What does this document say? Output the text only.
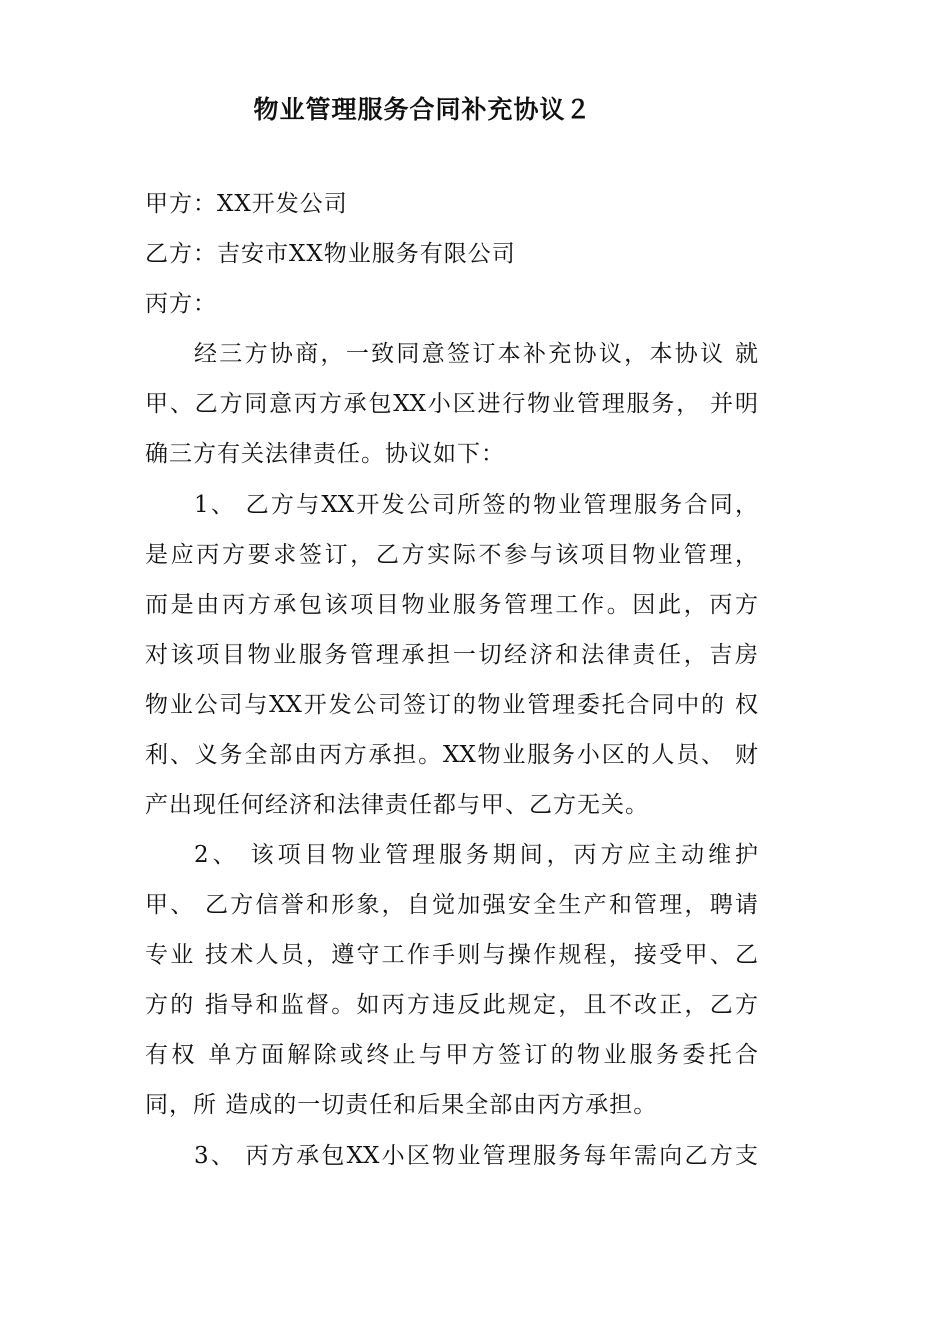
物业管理服务合同补充协议２
甲方：XX开发公司
乙方：吉安市XX物业服务有限公司
丙方：
经三方协商，一致同意签订本补充协议，本协议 就
甲、乙方同意丙方承包XX小区进行物业管理服务， 并明
确三方有关法律责任。协议如下：
1、 乙方与XX开发公司所签的物业管理服务合同，
是应丙方要求签订，乙方实际不参与该项目物业管理，
而是由丙方承包该项目物业服务管理工作。因此，丙方
对该项目物业服务管理承担一切经济和法律责任，吉房
物业公司与XX开发公司签订的物业管理委托合同中的 权
利、义务全部由丙方承担。XX物业服务小区的人员、 财
产出现任何经济和法律责任都与甲、乙方无关。
2、 该项目物业管理服务期间，丙方应主动维护
甲、 乙方信誉和形象，自觉加强安全生产和管理，聘请
专业 技术人员，遵守工作手则与操作规程，接受甲、乙
方的 指导和监督。如丙方违反此规定，且不改正，乙方
有权 单方面解除或终止与甲方签订的物业服务委托合
同，所 造成的一切责任和后果全部由丙方承担。
3、 丙方承包XX小区物业管理服务每年需向乙方支
